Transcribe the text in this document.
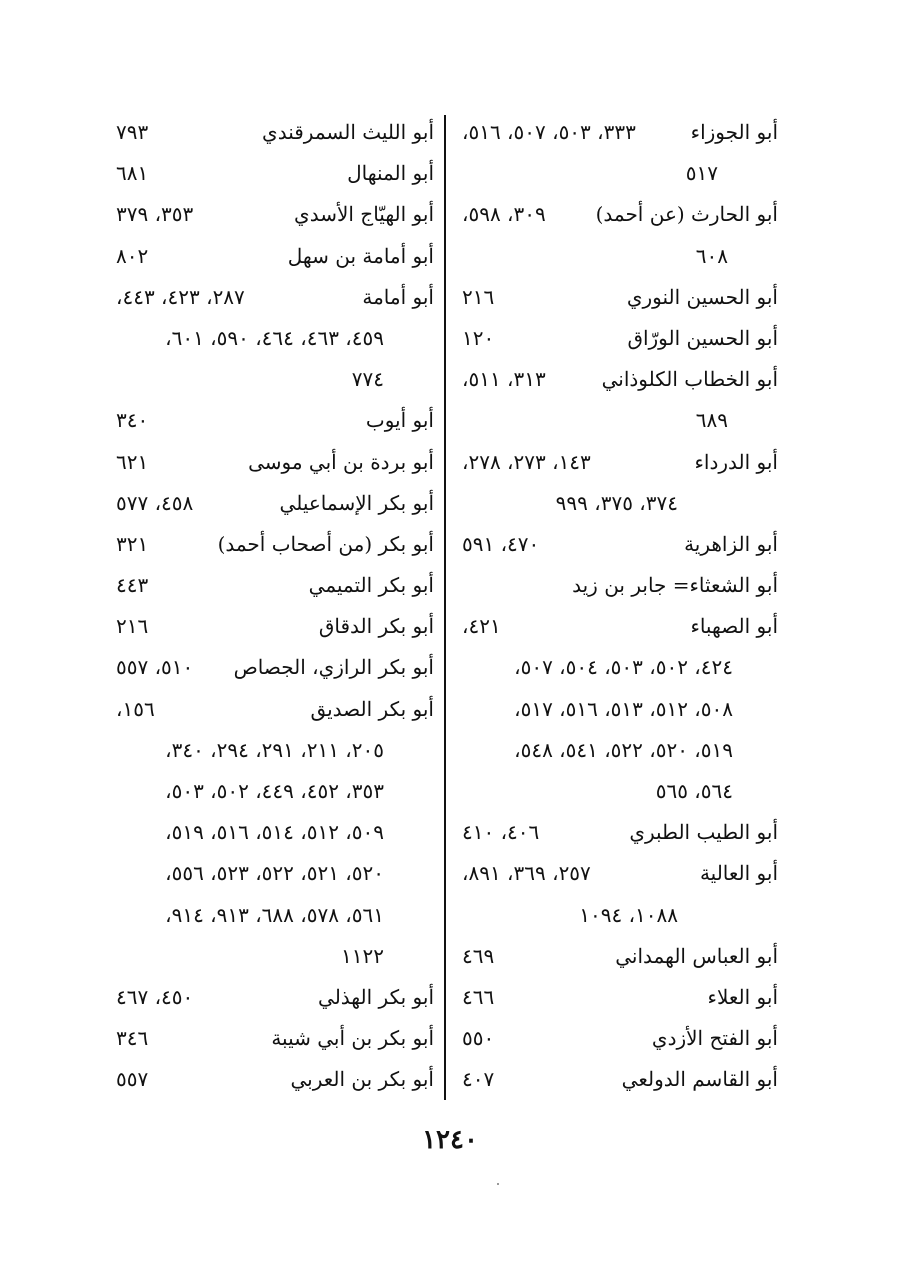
أبو الجوزاء
٣٣٣، ٥٠٣، ٥٠٧، ٥١٦،
٥١٧
أبو الحارث (عن أحمد)
٣٠٩، ٥٩٨،
٦٠٨
أبو الحسين النوري
٢١٦
أبو الحسين الورّاق
١٢٠
أبو الخطاب الكلوذاني
٣١٣، ٥١١،
٦٨٩
أبو الدرداء
١٤٣، ٢٧٣، ٢٧٨،
٣٧٤، ٣٧٥، ٩٩٩
أبو الزاهرية
٤٧٠، ٥٩١
أبو الشعثاء= جابر بن زيد
أبو الصهباء
٤٢١،
٤٢٤، ٥٠٢، ٥٠٣، ٥٠٤، ٥٠٧،
٥٠٨، ٥١٢، ٥١٣، ٥١٦، ٥١٧،
٥١٩، ٥٢٠، ٥٢٢، ٥٤١، ٥٤٨،
٥٦٤، ٥٦٥
أبو الطيب الطبري
٤٠٦، ٤١٠
أبو العالية
٢٥٧، ٣٦٩، ٨٩١،
١٠٨٨، ١٠٩٤
أبو العباس الهمداني
٤٦٩
أبو العلاء
٤٦٦
أبو الفتح الأزدي
٥٥٠
أبو القاسم الدولعي
٤٠٧
أبو الليث السمرقندي
٧٩٣
أبو المنهال
٦٨١
أبو الهيّاج الأسدي
٣٥٣، ٣٧٩
أبو أمامة بن سهل
٨٠٢
أبو أمامة
٢٨٧، ٤٢٣، ٤٤٣،
٤٥٩، ٤٦٣، ٤٦٤، ٥٩٠، ٦٠١،
٧٧٤
أبو أيوب
٣٤٠
أبو بردة بن أبي موسى
٦٢١
أبو بكر الإسماعيلي
٤٥٨، ٥٧٧
أبو بكر (من أصحاب أحمد)
٣٢١
أبو بكر التميمي
٤٤٣
أبو بكر الدقاق
٢١٦
أبو بكر الرازي، الجصاص
٥١٠، ٥٥٧
أبو بكر الصديق
١٥٦،
٢٠٥، ٢١١، ٢٩١، ٢٩٤، ٣٤٠،
٣٥٣، ٤٥٢، ٤٤٩، ٥٠٢، ٥٠٣،
٥٠٩، ٥١٢، ٥١٤، ٥١٦، ٥١٩،
٥٢٠، ٥٢١، ٥٢٢، ٥٢٣، ٥٥٦،
٥٦١، ٥٧٨، ٦٨٨، ٩١٣، ٩١٤،
١١٢٢
أبو بكر الهذلي
٤٥٠، ٤٦٧
أبو بكر بن أبي شيبة
٣٤٦
أبو بكر بن العربي
٥٥٧
١٢٤٠
